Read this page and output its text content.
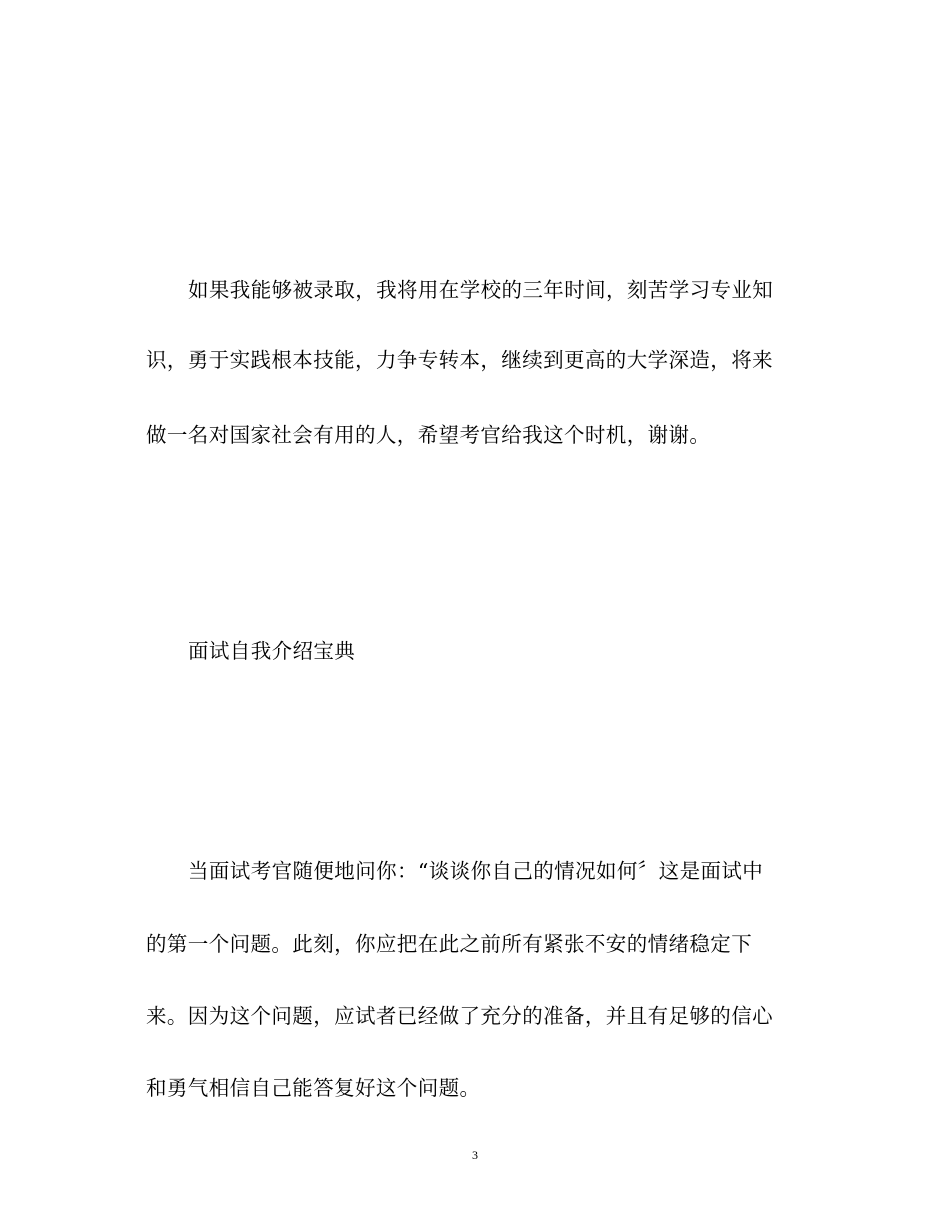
如果我能够被录取，我将用在学校的三年时间，刻苦学习专业知
识，勇于实践根本技能，力争专转本，继续到更高的大学深造，将来
做一名对国家社会有用的人，希望考官给我这个时机，谢谢。
面试自我介绍宝典
当面试考官随便地问你：“谈谈你自己的情况如何〞这是面试中
的第一个问题。此刻，你应把在此之前所有紧张不安的情绪稳定下
来。因为这个问题，应试者已经做了充分的准备，并且有足够的信心
和勇气相信自己能答复好这个问题。
3
